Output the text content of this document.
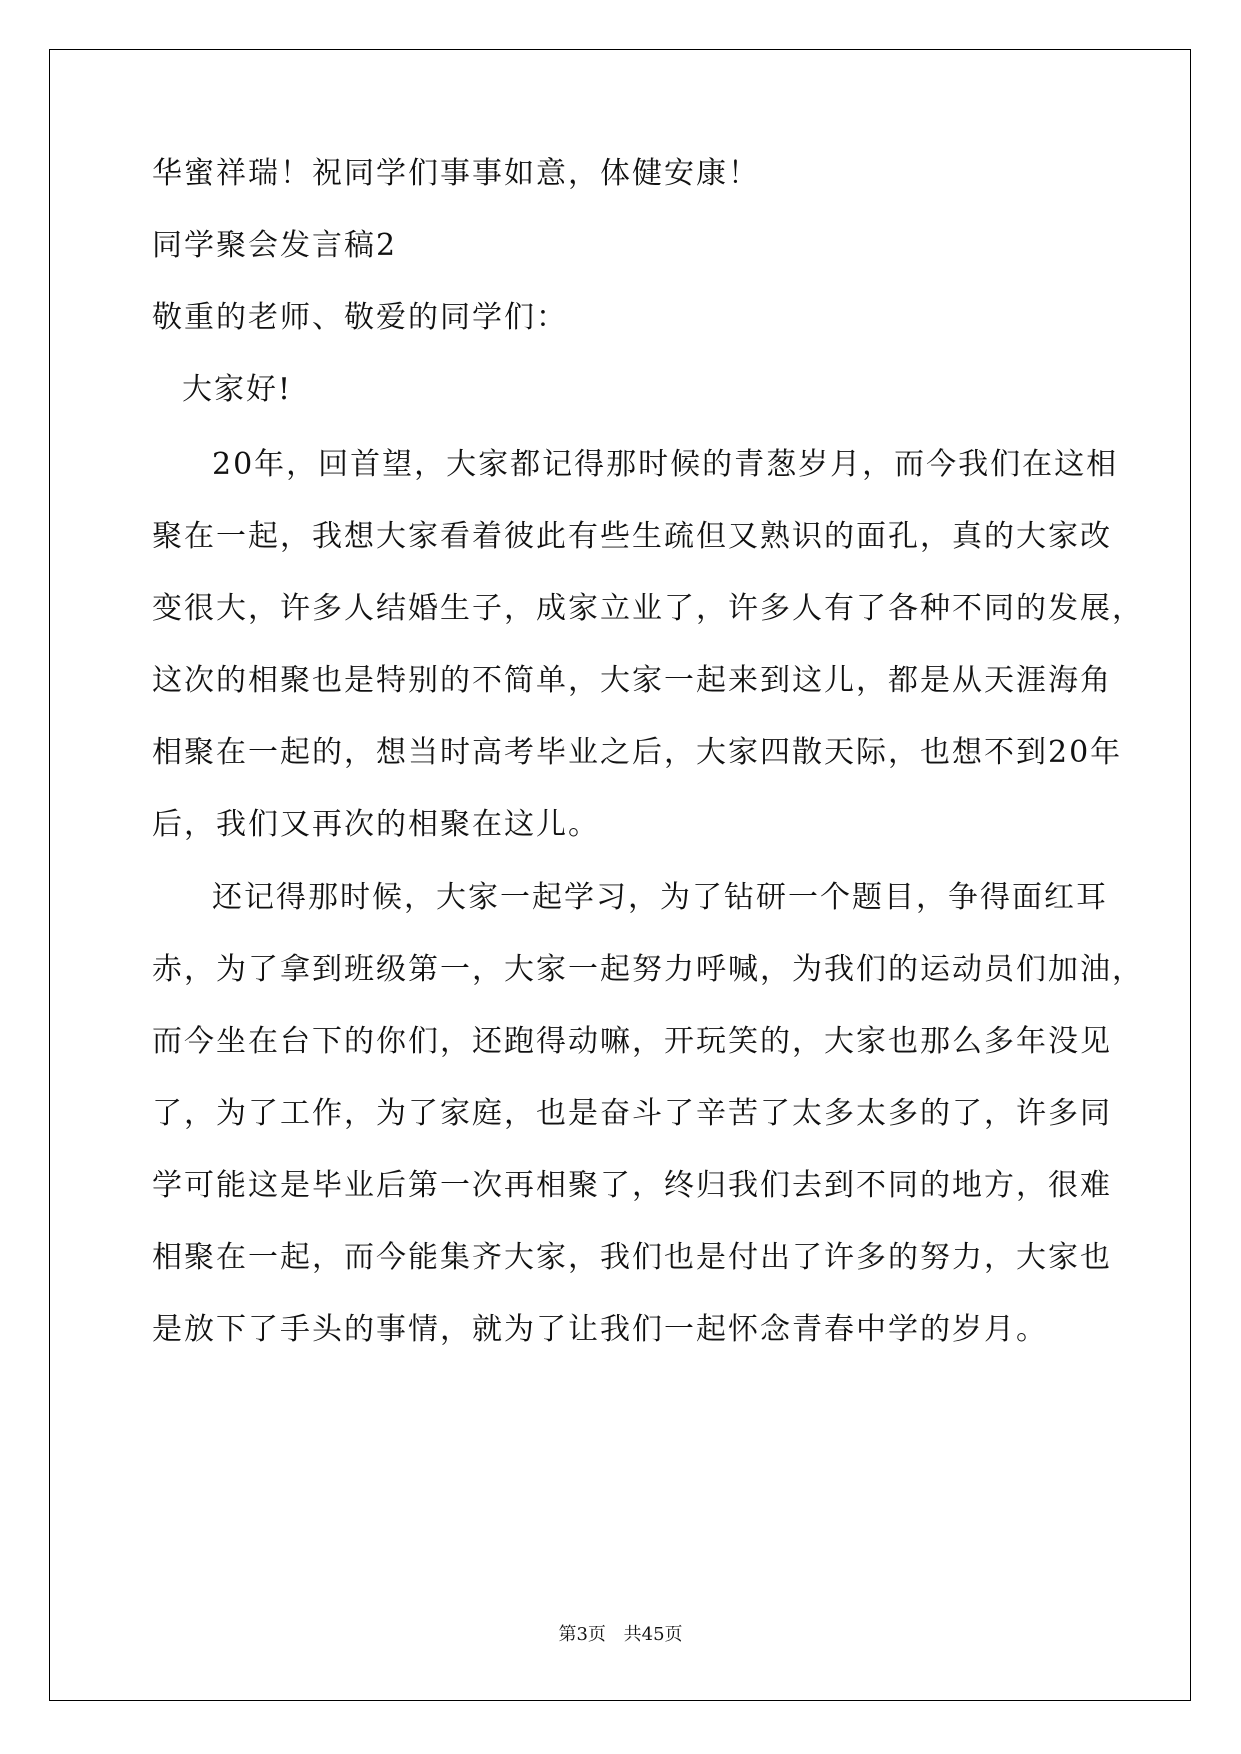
华蜜祥瑞！祝同学们事事如意，体健安康！
同学聚会发言稿2
敬重的老师、敬爱的同学们：
大家好!
20年，回首望，大家都记得那时候的青葱岁月，而今我们在这相
聚在一起，我想大家看着彼此有些生疏但又熟识的面孔，真的大家改
变很大，许多人结婚生子，成家立业了，许多人有了各种不同的发展，
这次的相聚也是特别的不简单，大家一起来到这儿，都是从天涯海角
相聚在一起的，想当时高考毕业之后，大家四散天际，也想不到20年
后，我们又再次的相聚在这儿。
还记得那时候，大家一起学习，为了钻研一个题目，争得面红耳
赤，为了拿到班级第一，大家一起努力呼喊，为我们的运动员们加油，
而今坐在台下的你们，还跑得动嘛，开玩笑的，大家也那么多年没见
了，为了工作，为了家庭，也是奋斗了辛苦了太多太多的了，许多同
学可能这是毕业后第一次再相聚了，终归我们去到不同的地方，很难
相聚在一起，而今能集齐大家，我们也是付出了许多的努力，大家也
是放下了手头的事情，就为了让我们一起怀念青春中学的岁月。
第3页 共45页
